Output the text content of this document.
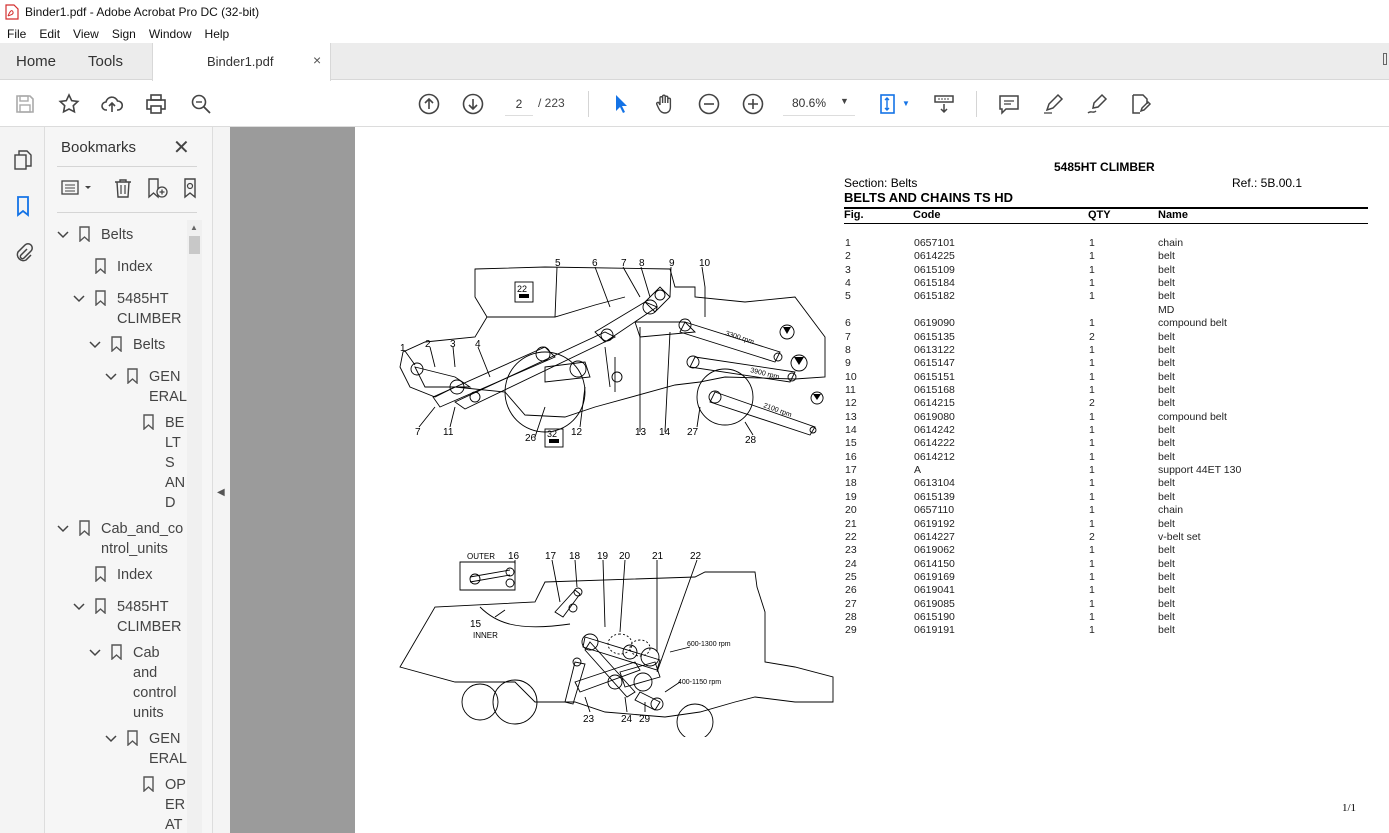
Binder1.pdf - Adobe Acrobat Pro DC (32-bit)
File	Edit	View	Sign	Window	Help
Home Tools	Binder1.pdf	×
2
/ 223	80.6% ▼	▼
Bookmarks ✕
Belts
Index
5485HT CLIMBER
Belts
GENERAL
BELTS AND
Cab_and_control_units
Index
5485HT CLIMBER
Cab and control units
GENERAL
OPERAT
▲
◀
5485HT CLIMBER
Section: Belts	Ref.: 5B.00.1
BELTS AND CHAINS TS HD
Fig.	Code	QTY	Name
1	0657101	1	chain
2	0614225	1	belt
3	0615109	1	belt
4	0615184	1	belt
5	0615182	1	belt
MD
6	0619090	1	compound belt
7	0615135	2	belt
8	0613122	1	belt
9	0615147	1	belt
10	0615151	1	belt
11	0615168	1	belt
12	0614215	2	belt
13	0619080	1	compound belt
14	0614242	1	belt
15	0614222	1	belt
16	0614212	1	belt
17	A	1	support 44ET 130
18	0613104	1	belt
19	0615139	1	belt
20	0657110	1	chain
21	0619192	1	belt
22	0614227	2	v-belt set
23	0619062	1	belt
24	0614150	1	belt
25	0619169	1	belt
26	0619041	1	belt
27	0619085	1	belt
28	0615190	1	belt
29	0619191	1	belt
1/1
1 2 3 4
5	6 7 8 9 10
7 11
26
12	13 14 27
28
22
32
3300 rpm
3900 rpm
2100 rpm
OUTER
INNER
16	17 18 19 20 21	22
15
23	24 29
600-1300 rpm
400-1150 rpm
